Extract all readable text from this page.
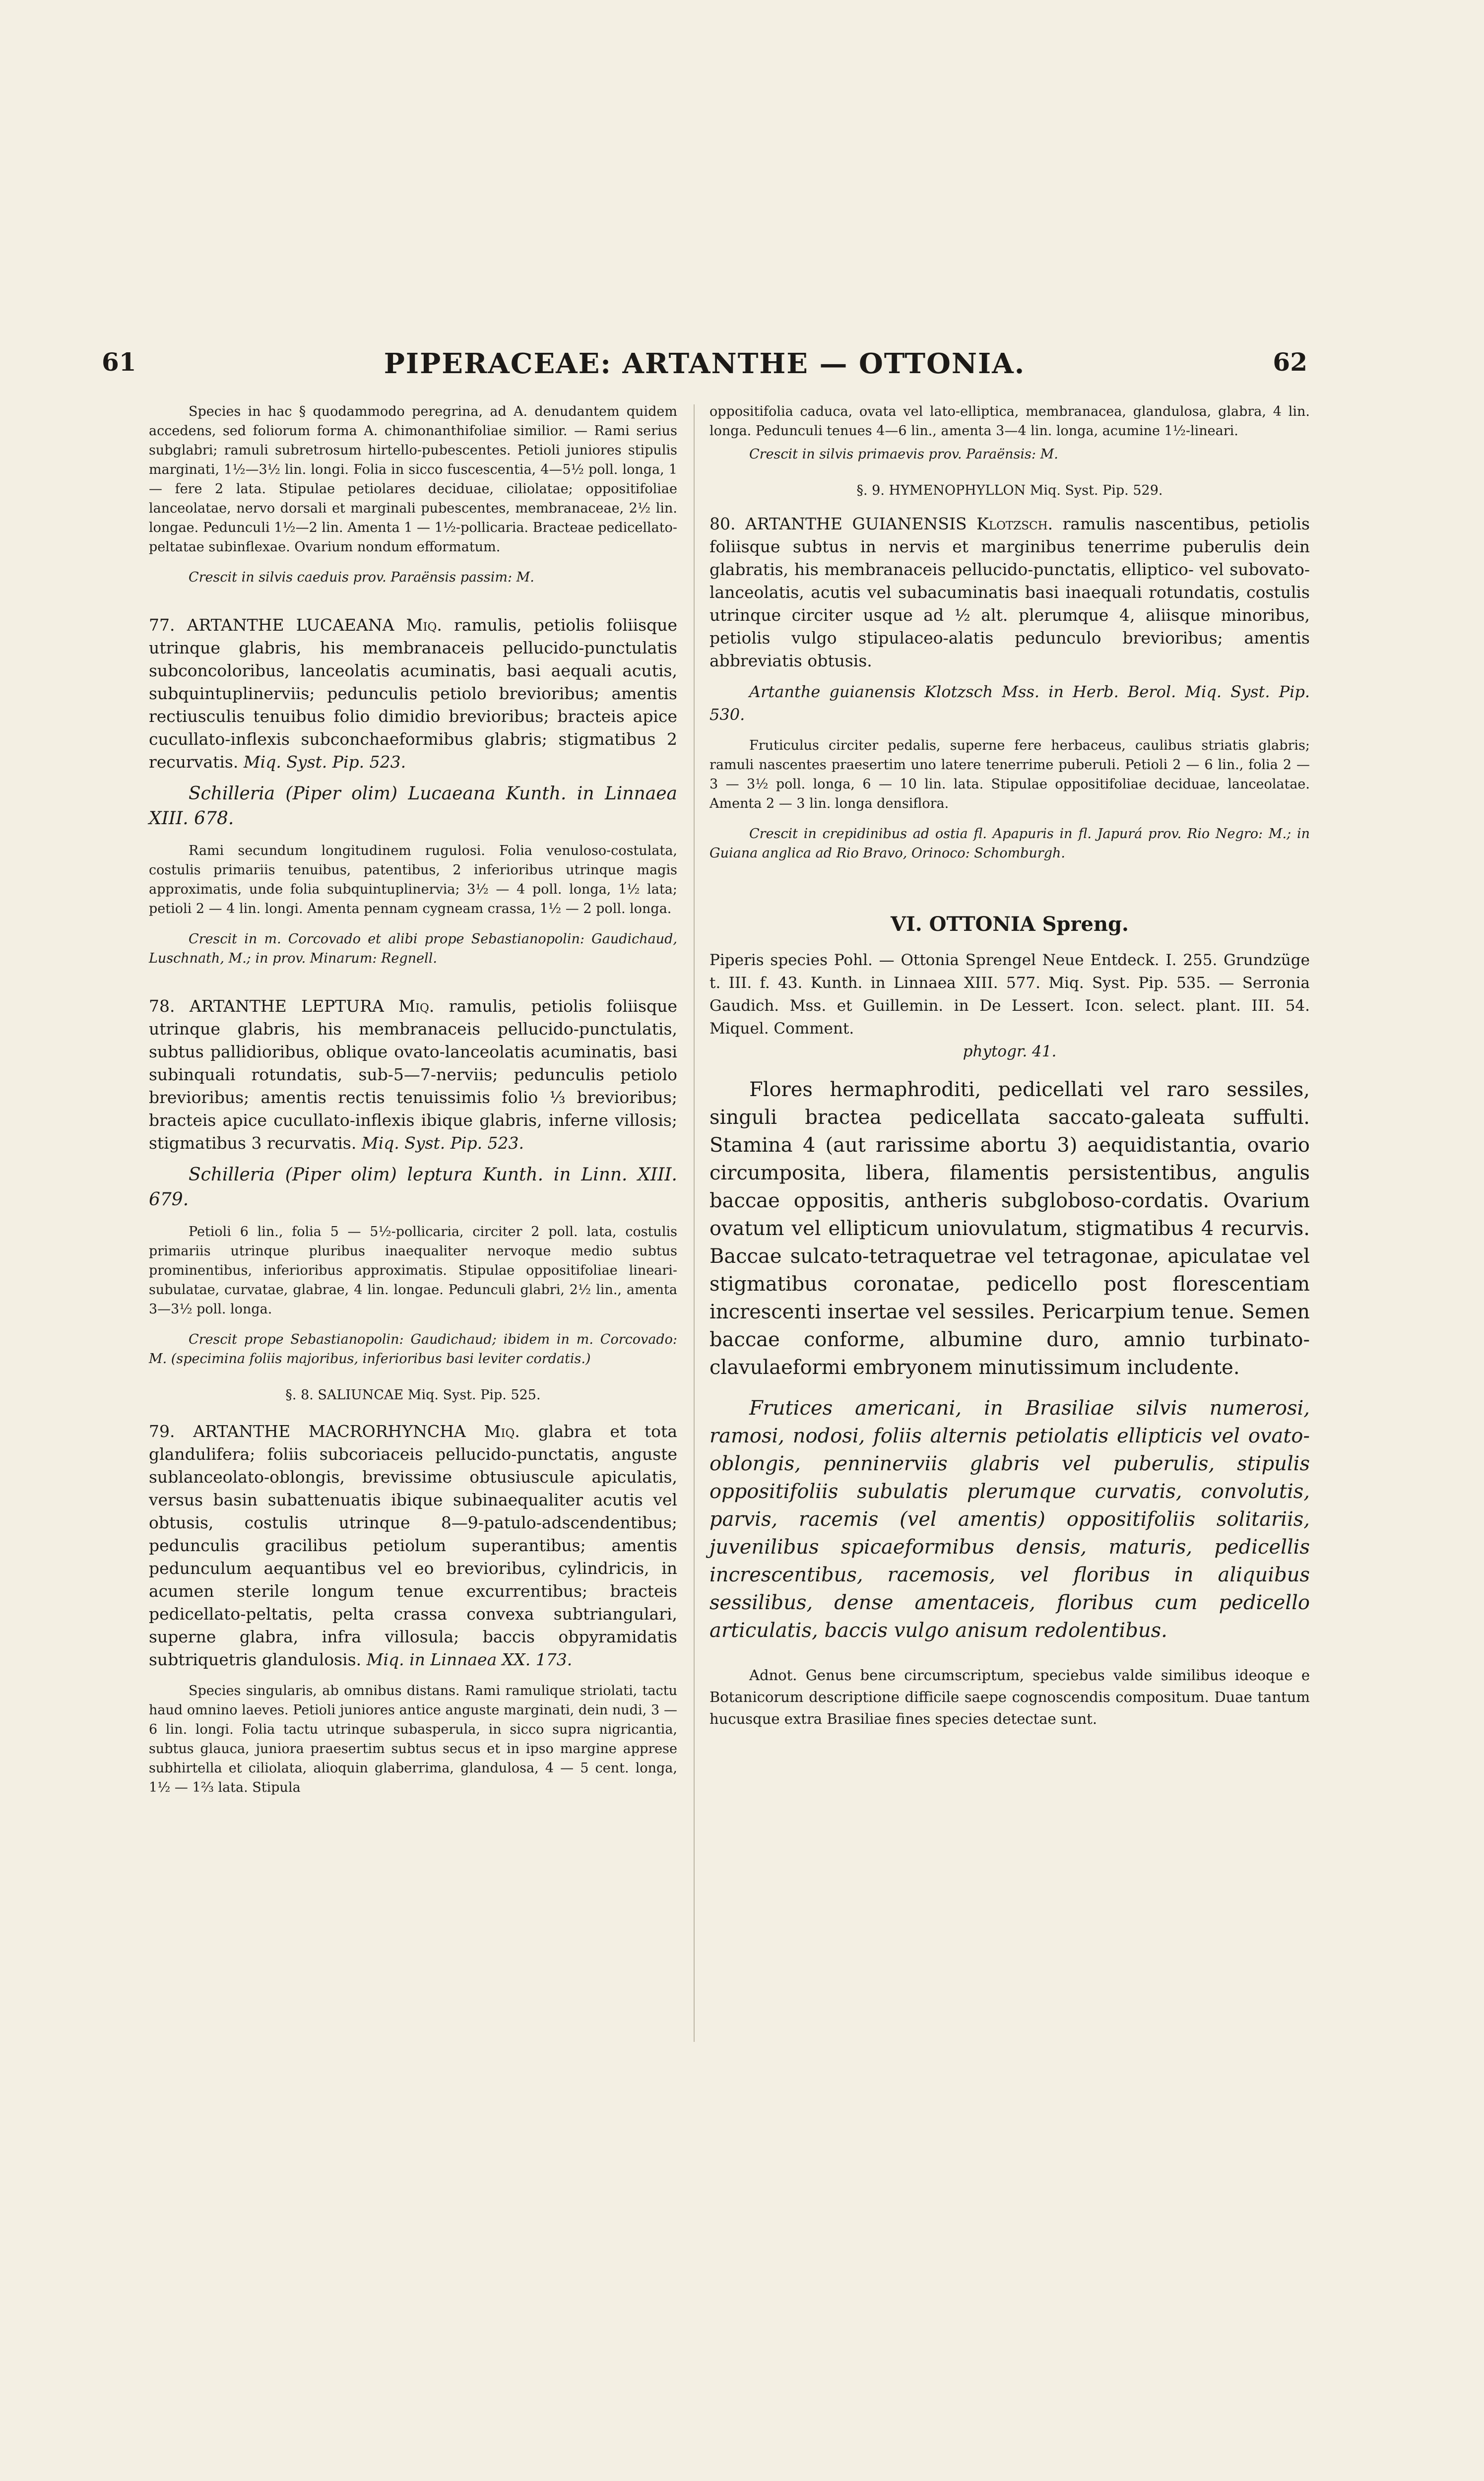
61	PIPERACEAE: ARTANTHE — OTTONIA.	62

Species in hac § quodammodo peregrina, ad A. denudantem quidem accedens, sed foliorum forma A. chimonanthifoliae similior. — Rami serius subglabri; ramuli subretrosum hirtello-pubescentes. Petioli juniores stipulis marginati, 1½—3½ lin. longi. Folia in sicco fuscescentia, 4—5½ poll. longa, 1 — fere 2 lata. Stipulae petiolares deciduae, ciliolatae; oppositifoliae lanceolatae, nervo dorsali et marginali pubescentes, membranaceae, 2½ lin. longae. Pedunculi 1½—2 lin. Amenta 1 — 1½-pollicaria. Bracteae pedicellato-peltatae subinflexae. Ovarium nondum efformatum.

Crescit in silvis caeduis prov. Paraënsis passim: M.

77. ARTANTHE LUCAEANA Miq. ramulis, petiolis foliisque utrinque glabris, his membranaceis pellucido-punctulatis subconcoloribus, lanceolatis acuminatis, basi aequali acutis, subquintuplinerviis; pedunculis petiolo brevioribus; amentis rectiusculis tenuibus folio dimidio brevioribus; bracteis apice cucullato-inflexis subconchaeformibus glabris; stigmatibus 2 recurvatis. Miq. Syst. Pip. 523.

Schilleria (Piper olim) Lucaeana Kunth. in Linnaea XIII. 678.

Rami secundum longitudinem rugulosi. Folia venuloso-costulata, costulis primariis tenuibus, patentibus, 2 inferioribus utrinque magis approximatis, unde folia subquintuplinervia; 3½ — 4 poll. longa, 1½ lata; petioli 2 — 4 lin. longi. Amenta pennam cygneam crassa, 1½ — 2 poll. longa.

Crescit in m. Corcovado et alibi prope Sebastianopolin: Gaudichaud, Luschnath, M.; in prov. Minarum: Regnell.

78. ARTANTHE LEPTURA Miq. ramulis, petiolis foliisque utrinque glabris, his membranaceis pellucido-punctulatis, subtus pallidioribus, oblique ovato-lanceolatis acuminatis, basi subinquali rotundatis, sub-5—7-nerviis; pedunculis petiolo brevioribus; amentis rectis tenuissimis folio ⅓ brevioribus; bracteis apice cucullato-inflexis ibique glabris, inferne villosis; stigmatibus 3 recurvatis. Miq. Syst. Pip. 523.

Schilleria (Piper olim) leptura Kunth. in Linn. XIII. 679.

Petioli 6 lin., folia 5 — 5½-pollicaria, circiter 2 poll. lata, costulis primariis utrinque pluribus inaequaliter nervoque medio subtus prominentibus, inferioribus approximatis. Stipulae oppositifoliae lineari-subulatae, curvatae, glabrae, 4 lin. longae. Pedunculi glabri, 2½ lin., amenta 3—3½ poll. longa.

Crescit prope Sebastianopolin: Gaudichaud; ibidem in m. Corcovado: M. (specimina foliis majoribus, inferioribus basi leviter cordatis.)

§. 8. SALIUNCAE Miq. Syst. Pip. 525.

79. ARTANTHE MACRORHYNCHA Miq. glabra et tota glandulifera; foliis subcoriaceis pellucido-punctatis, anguste sublanceolato-oblongis, brevissime obtusiuscule apiculatis, versus basin subattenuatis ibique subinaequaliter acutis vel obtusis, costulis utrinque 8—9-patulo-adscendentibus; pedunculis gracilibus petiolum superantibus; amentis pedunculum aequantibus vel eo brevioribus, cylindricis, in acumen sterile longum tenue excurrentibus; bracteis pedicellato-peltatis, pelta crassa convexa subtriangulari, superne glabra, infra villosula; baccis obpyramidatis subtriquetris glandulosis. Miq. in Linnaea XX. 173.

Species singularis, ab omnibus distans. Rami ramulique striolati, tactu haud omnino laeves. Petioli juniores antice anguste marginati, dein nudi, 3 — 6 lin. longi. Folia tactu utrinque subasperula, in sicco supra nigricantia, subtus glauca, juniora praesertim subtus secus et in ipso margine apprese subhirtella et ciliolata, alioquin glaberrima, glandulosa, 4 — 5 cent. longa, 1½ — 1⅔ lata. Stipula

oppositifolia caduca, ovata vel lato-elliptica, membranacea, glandulosa, glabra, 4 lin. longa. Pedunculi tenues 4—6 lin., amenta 3—4 lin. longa, acumine 1½-lineari.

Crescit in silvis primaevis prov. Paraënsis: M.

§. 9. HYMENOPHYLLON Miq. Syst. Pip. 529.

80. ARTANTHE GUIANENSIS Klotzsch. ramulis nascentibus, petiolis foliisque subtus in nervis et marginibus tenerrime puberulis dein glabratis, his membranaceis pellucido-punctatis, elliptico- vel subovato-lanceolatis, acutis vel subacuminatis basi inaequali rotundatis, costulis utrinque circiter usque ad ½ alt. plerumque 4, aliisque minoribus, petiolis vulgo stipulaceo-alatis pedunculo brevioribus; amentis abbreviatis obtusis.

Artanthe guianensis Klotzsch Mss. in Herb. Berol. Miq. Syst. Pip. 530.

Fruticulus circiter pedalis, superne fere herbaceus, caulibus striatis glabris; ramuli nascentes praesertim uno latere tenerrime puberuli. Petioli 2 — 6 lin., folia 2 — 3 — 3½ poll. longa, 6 — 10 lin. lata. Stipulae oppositifoliae deciduae, lanceolatae. Amenta 2 — 3 lin. longa densiflora.

Crescit in crepidinibus ad ostia fl. Apapuris in fl. Japurá prov. Rio Negro: M.; in Guiana anglica ad Rio Bravo, Orinoco: Schomburgh.

VI. OTTONIA Spreng.

Piperis species Pohl. — Ottonia Sprengel Neue Entdeck. I. 255. Grundzüge t. III. f. 43. Kunth. in Linnaea XIII. 577. Miq. Syst. Pip. 535. — Serronia Gaudich. Mss. et Guillemin. in De Lessert. Icon. select. plant. III. 54. Miquel. Comment.

phytogr. 41.

Flores hermaphroditi, pedicellati vel raro sessiles, singuli bractea pedicellata saccato-galeata suffulti. Stamina 4 (aut rarissime abortu 3) aequidistantia, ovario circumposita, libera, filamentis persistentibus, angulis baccae oppositis, antheris subgloboso-cordatis. Ovarium ovatum vel ellipticum uniovulatum, stigmatibus 4 recurvis. Baccae sulcato-tetraquetrae vel tetragonae, apiculatae vel stigmatibus coronatae, pedicello post florescentiam increscenti insertae vel sessiles. Pericarpium tenue. Semen baccae conforme, albumine duro, amnio turbinato-clavulaeformi embryonem minutissimum includente.

Frutices americani, in Brasiliae silvis numerosi, ramosi, nodosi, foliis alternis petiolatis ellipticis vel ovato-oblongis, penninerviis glabris vel puberulis, stipulis oppositifoliis subulatis plerumque curvatis, convolutis, parvis, racemis (vel amentis) oppositifoliis solitariis, juvenilibus spicaeformibus densis, maturis, pedicellis increscentibus, racemosis, vel floribus in aliquibus sessilibus, dense amentaceis, floribus cum pedicello articulatis, baccis vulgo anisum redolentibus.

Adnot. Genus bene circumscriptum, speciebus valde similibus ideoque e Botanicorum descriptione difficile saepe cognoscendis compositum. Duae tantum hucusque extra Brasiliae fines species detectae sunt.
